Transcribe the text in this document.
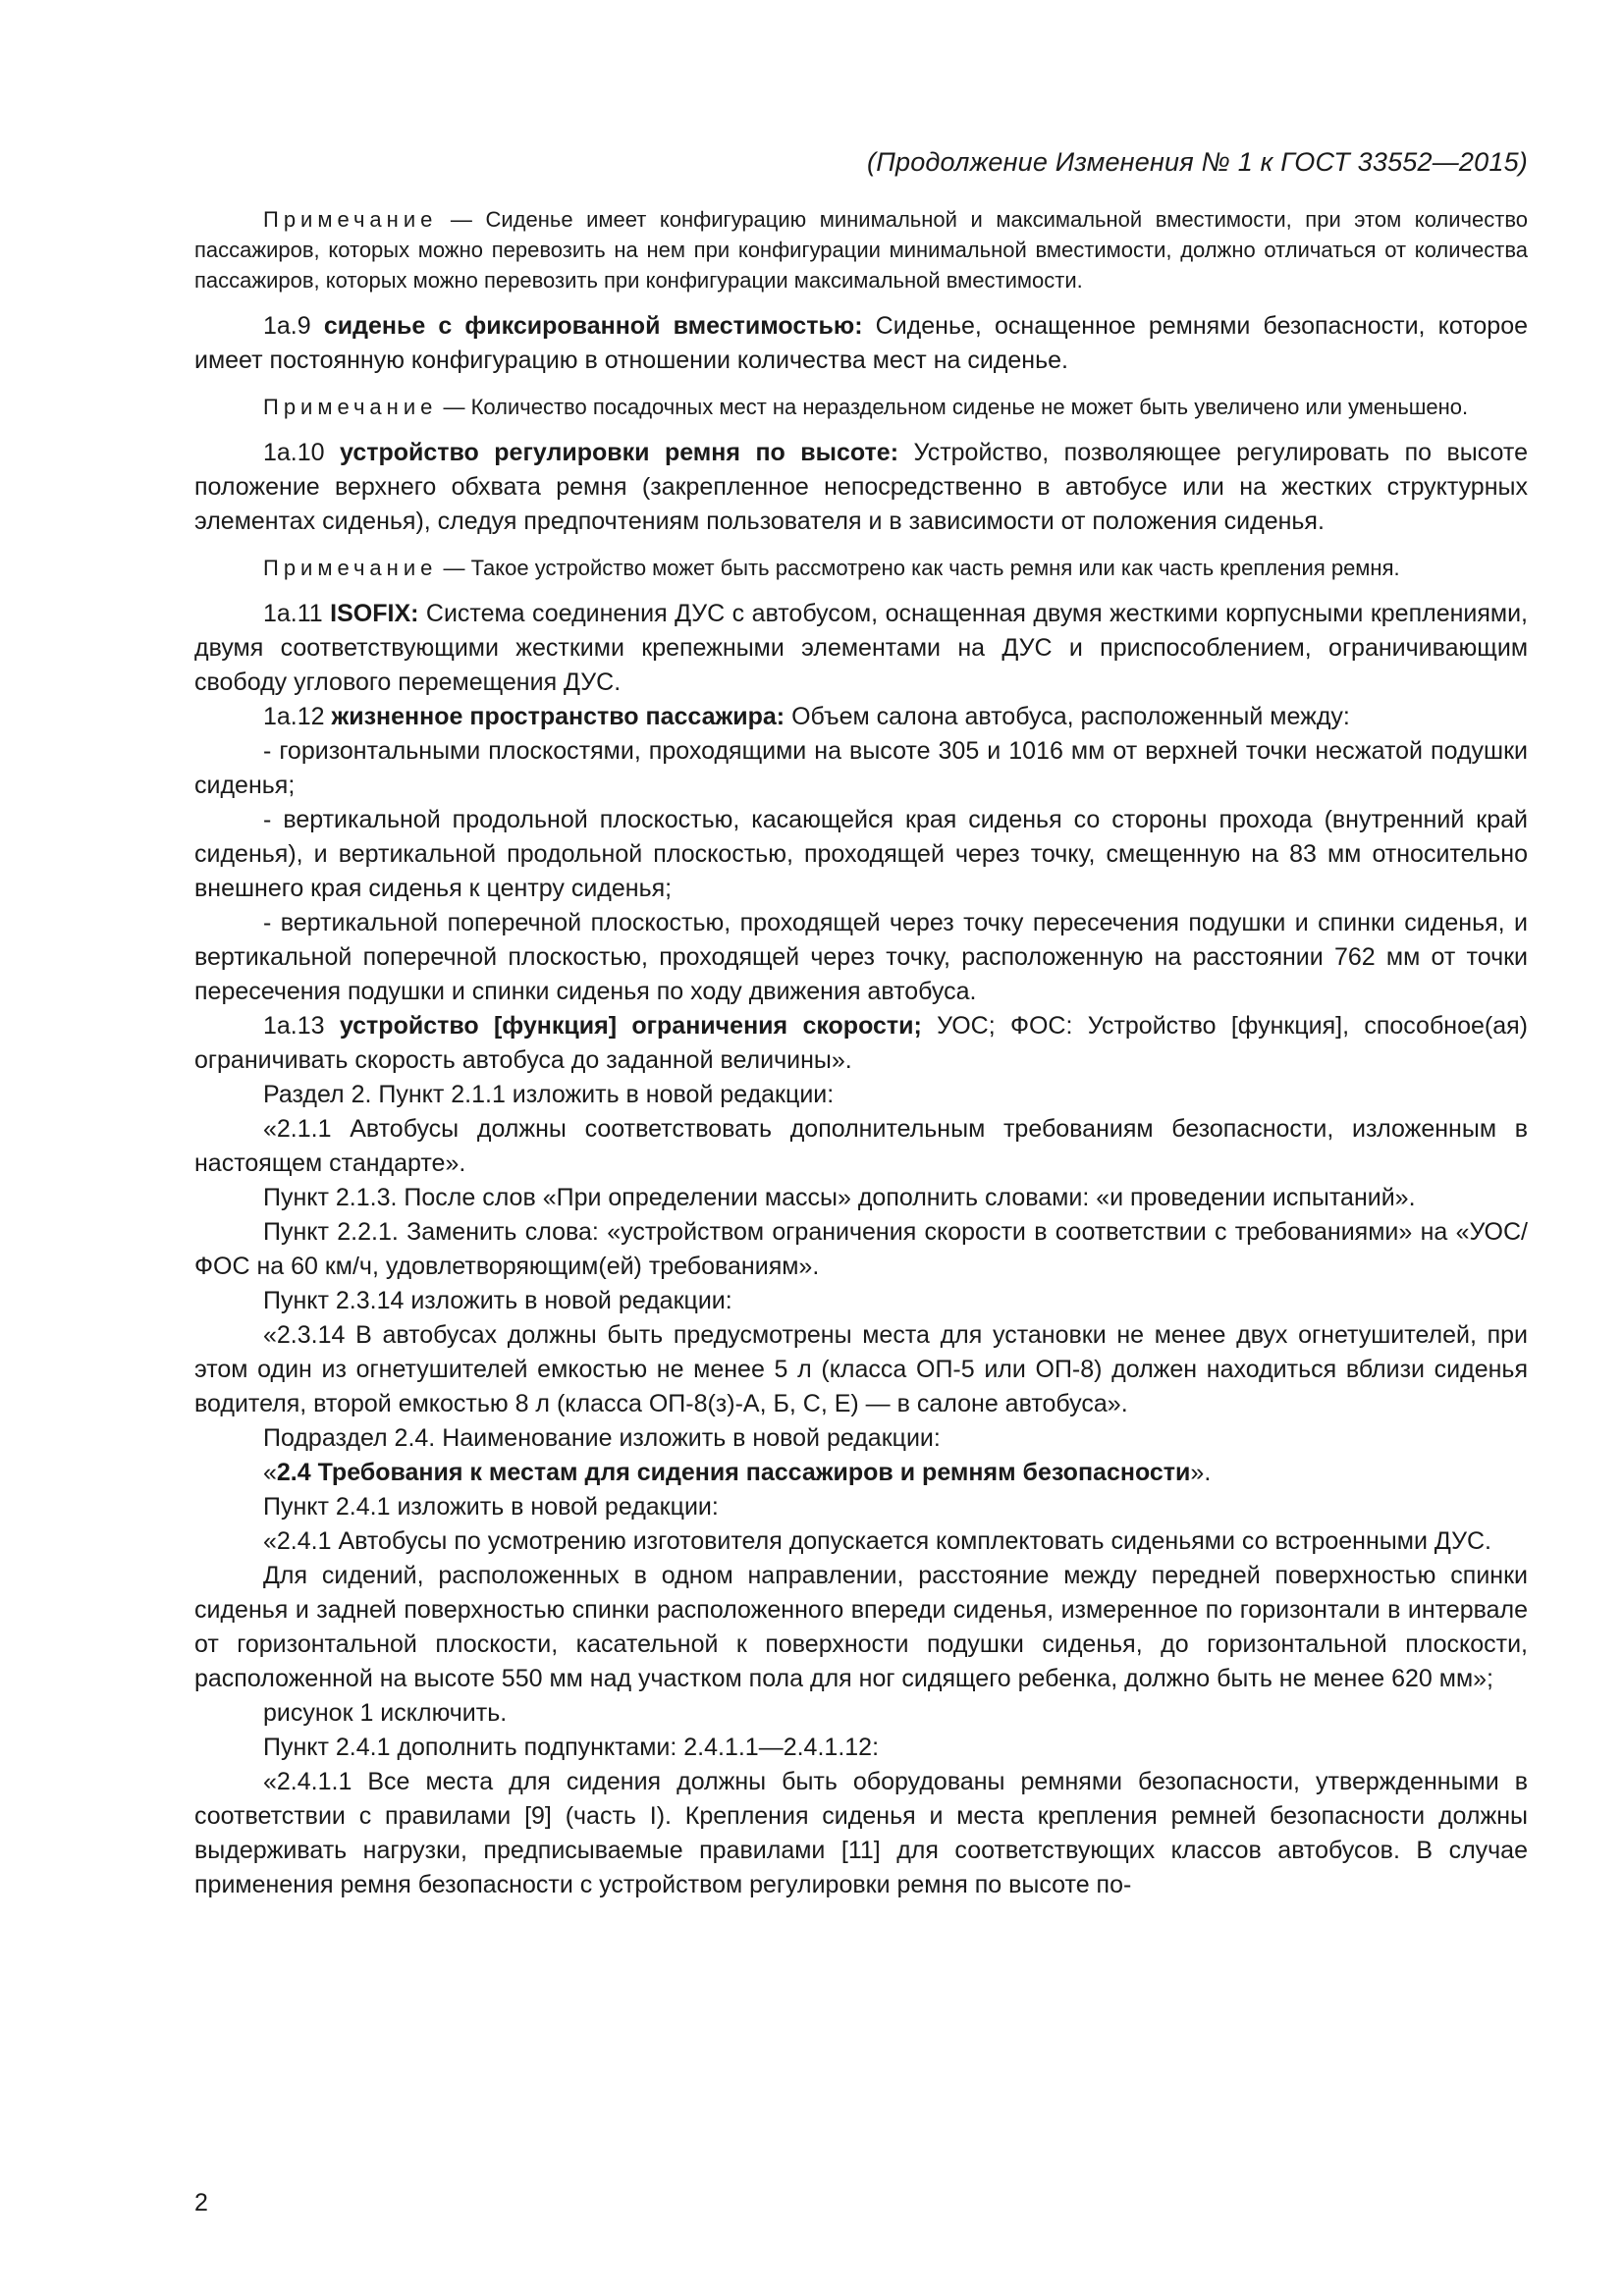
(Продолжение Изменения № 1 к ГОСТ 33552—2015)

Примечание — Сиденье имеет конфигурацию минимальной и максимальной вместимости, при этом количество пассажиров, которых можно перевозить на нем при конфигурации минимальной вместимости, должно отличаться от количества пассажиров, которых можно перевозить при конфигурации максимальной вместимости.

1а.9 сиденье с фиксированной вместимостью: Сиденье, оснащенное ремнями безопасности, которое имеет постоянную конфигурацию в отношении количества мест на сиденье.

Примечание — Количество посадочных мест на нераздельном сиденье не может быть увеличено или уменьшено.

1а.10 устройство регулировки ремня по высоте: Устройство, позволяющее регулировать по высоте положение верхнего обхвата ремня (закрепленное непосредственно в автобусе или на жестких структурных элементах сиденья), следуя предпочтениям пользователя и в зависимости от положения сиденья.

Примечание — Такое устройство может быть рассмотрено как часть ремня или как часть крепления ремня.

1а.11 ISOFIX: Система соединения ДУС с автобусом, оснащенная двумя жесткими корпусными креплениями, двумя соответствующими жесткими крепежными элементами на ДУС и приспособлением, ограничивающим свободу углового перемещения ДУС.

1а.12 жизненное пространство пассажира: Объем салона автобуса, расположенный между:

- горизонтальными плоскостями, проходящими на высоте 305 и 1016 мм от верхней точки несжатой подушки сиденья;

- вертикальной продольной плоскостью, касающейся края сиденья со стороны прохода (внутренний край сиденья), и вертикальной продольной плоскостью, проходящей через точку, смещенную на 83 мм относительно внешнего края сиденья к центру сиденья;

- вертикальной поперечной плоскостью, проходящей через точку пересечения подушки и спинки сиденья, и вертикальной поперечной плоскостью, проходящей через точку, расположенную на расстоянии 762 мм от точки пересечения подушки и спинки сиденья по ходу движения автобуса.

1а.13 устройство [функция] ограничения скорости; УОС; ФОС: Устройство [функция], способное(ая) ограничивать скорость автобуса до заданной величины».

Раздел 2. Пункт 2.1.1 изложить в новой редакции:

«2.1.1 Автобусы должны соответствовать дополнительным требованиям безопасности, изложенным в настоящем стандарте».

Пункт 2.1.3. После слов «При определении массы» дополнить словами: «и проведении испытаний».

Пункт 2.2.1. Заменить слова: «устройством ограничения скорости в соответствии с требованиями» на «УОС/ФОС на 60 км/ч, удовлетворяющим(ей) требованиям».

Пункт 2.3.14 изложить в новой редакции:

«2.3.14 В автобусах должны быть предусмотрены места для установки не менее двух огнетушителей, при этом один из огнетушителей емкостью не менее 5 л (класса ОП-5 или ОП-8) должен находиться вблизи сиденья водителя, второй емкостью 8 л (класса ОП-8(з)-А, Б, С, Е) — в салоне автобуса».

Подраздел 2.4. Наименование изложить в новой редакции:

«2.4 Требования к местам для сидения пассажиров и ремням безопасности».

Пункт 2.4.1 изложить в новой редакции:

«2.4.1 Автобусы по усмотрению изготовителя допускается комплектовать сиденьями со встроенными ДУС.

Для сидений, расположенных в одном направлении, расстояние между передней поверхностью спинки сиденья и задней поверхностью спинки расположенного впереди сиденья, измеренное по горизонтали в интервале от горизонтальной плоскости, касательной к поверхности подушки сиденья, до горизонтальной плоскости, расположенной на высоте 550 мм над участком пола для ног сидящего ребенка, должно быть не менее 620 мм»;

рисунок 1 исключить.

Пункт 2.4.1 дополнить подпунктами: 2.4.1.1—2.4.1.12:

«2.4.1.1 Все места для сидения должны быть оборудованы ремнями безопасности, утвержденными в соответствии с правилами [9] (часть I). Крепления сиденья и места крепления ремней безопасности должны выдерживать нагрузки, предписываемые правилами [11] для соответствующих классов автобусов. В случае применения ремня безопасности с устройством регулировки ремня по высоте по-

2
